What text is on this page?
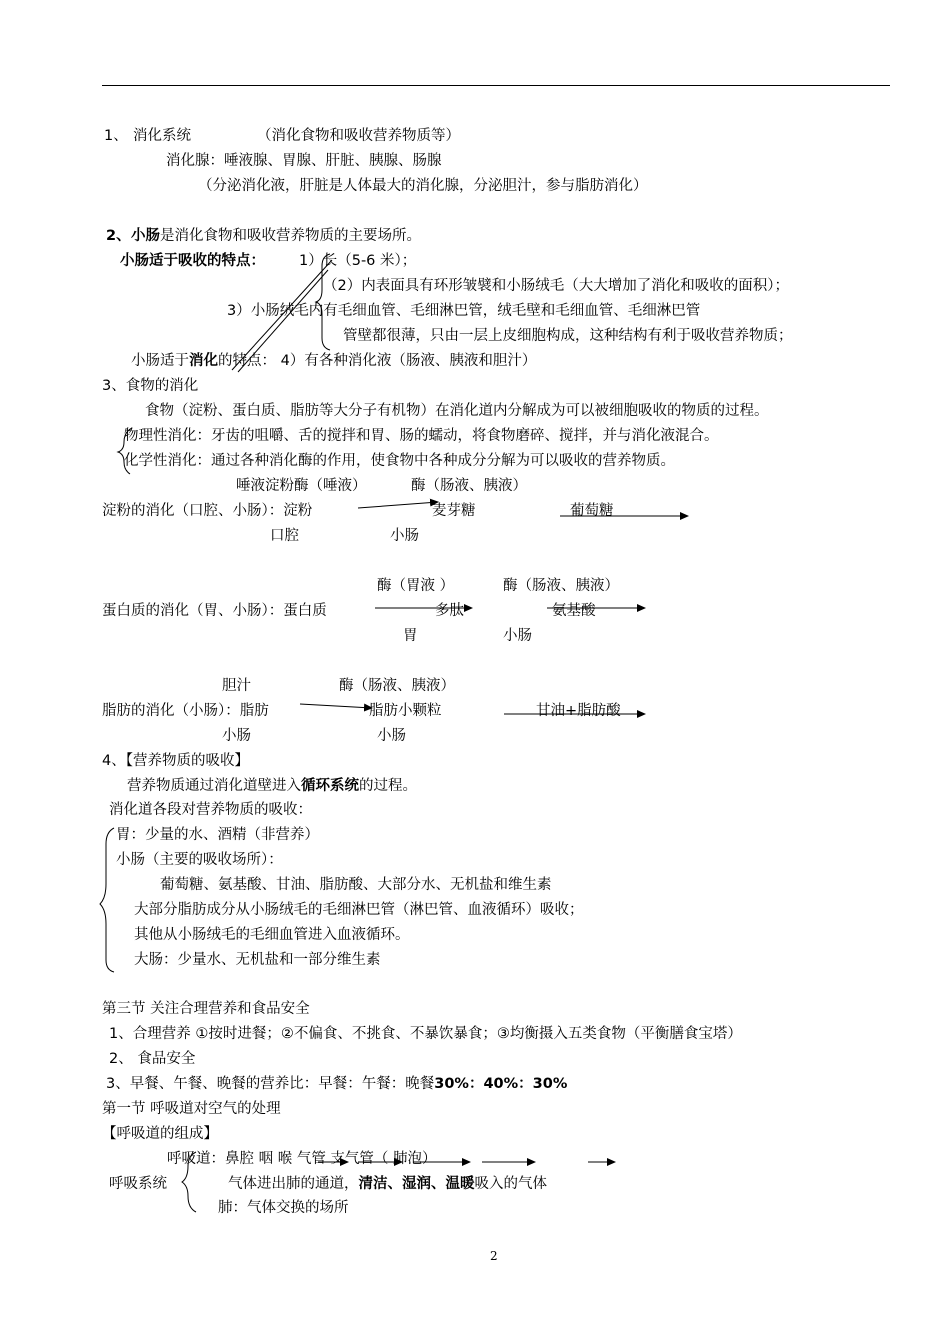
1、 消化系统	（消化食物和吸收营养物质等）
消化腺：唾液腺、胃腺、肝脏、胰腺、肠腺
（分泌消化液，肝脏是人体最大的消化腺，分泌胆汁，参与脂肪消化）
2、 小肠是消化食物和吸收营养物质的主要场所。
小肠适于吸收的特点： 1）长（5-6 米）；
（2）内表面具有环形皱襞和小肠绒毛（大大增加了消化和吸收的面积）；
3）小肠绒毛内有毛细血管、毛细淋巴管，绒毛壁和毛细血管、毛细淋巴管
管壁都很薄，只由一层上皮细胞构成，这种结构有利于吸收营养物质；
小肠适于消化的特点： 4）有各种消化液（肠液、胰液和胆汁）
3、食物的消化
食物（淀粉、蛋白质、脂肪等大分子有机物）在消化道内分解成为可以被细胞吸收的物质的过程。
物理性消化：牙齿的咀嚼、舌的搅拌和胃、肠的蠕动，将食物磨碎、搅拌，并与消化液混合。
化学性消化：通过各种消化酶的作用，使食物中各种成分分解为可以吸收的营养物质。
唾液淀粉酶（唾液）	酶（肠液、胰液）
淀粉的消化（口腔、小肠）：淀粉	麦芽糖	葡萄糖
口腔	小肠
酶（胃液 ）	酶（肠液、胰液）
蛋白质的消化（胃、小肠）：蛋白质	多肽	氨基酸
胃	小肠
胆汁	酶（肠液、胰液）
脂肪的消化（小肠）：脂肪	脂肪小颗粒	甘油+脂肪酸
小肠	小肠
4、【营养物质的吸收】
营养物质通过消化道壁进入循环系统的过程。
消化道各段对营养物质的吸收：
胃：少量的水、酒精（非营养）
小肠（主要的吸收场所）：
葡萄糖、氨基酸、甘油、脂肪酸、大部分水、无机盐和维生素
大部分脂肪成分从小肠绒毛的毛细淋巴管（淋巴管、血液循环）吸收；
其他从小肠绒毛的毛细血管进入血液循环。
大肠：少量水、无机盐和一部分维生素
第三节 关注合理营养和食品安全
1、合理营养 ①按时进餐；②不偏食、不挑食、不暴饮暴食；③均衡摄入五类食物（平衡膳食宝塔）
2、 食品安全
3、早餐、午餐、晚餐的营养比：早餐：午餐：晚餐30%：40%：30%
第一节 呼吸道对空气的处理
【呼吸道的组成】
呼吸道：鼻腔 咽 喉 气管 支气管（ 肺泡）
呼吸系统	气体进出肺的通道，清洁、湿润、温暖吸入的气体
肺：气体交换的场所
2
